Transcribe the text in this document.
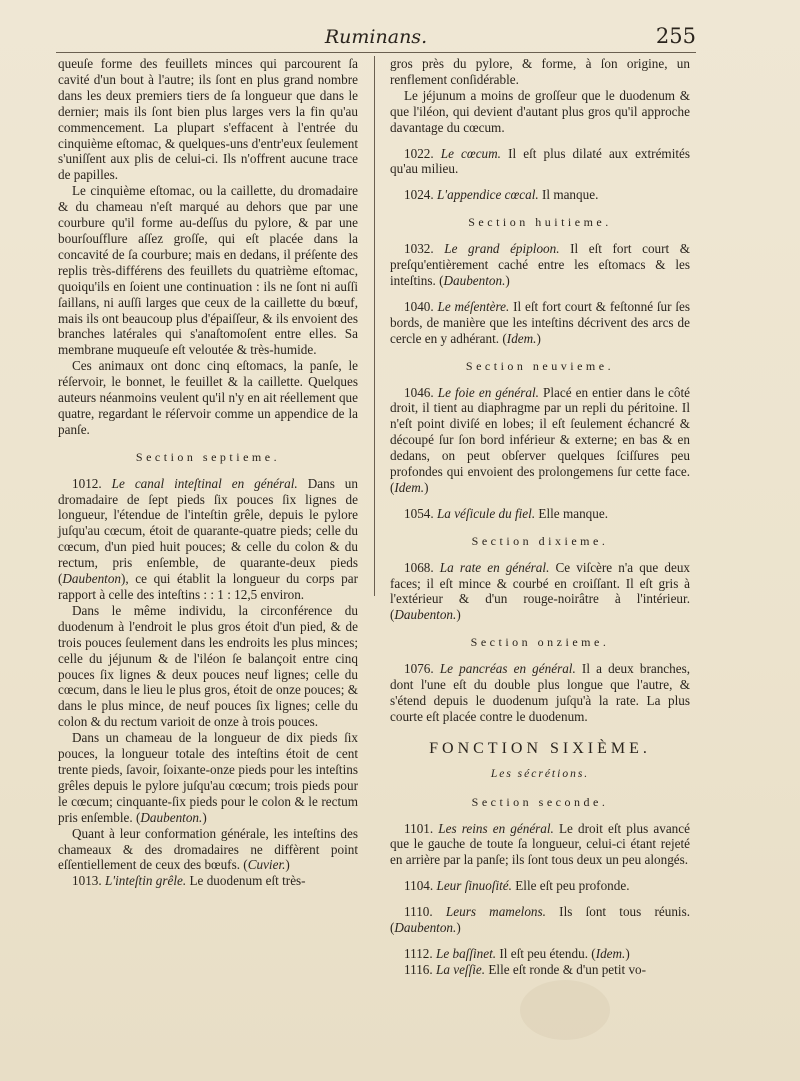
Ruminans.	255

queuſe forme des feuillets minces qui parcourent ſa cavité d'un bout à l'autre; ils ſont en plus grand nombre dans les deux premiers tiers de ſa longueur que dans le dernier; mais ils ſont bien plus larges vers la fin qu'au commencement. La plupart s'effacent à l'entrée du cinquième eſtomac, & quelques-uns d'entr'eux ſeulement s'uniſſent aux plis de celui-ci. Ils n'offrent aucune trace de papilles.

Le cinquième eſtomac, ou la caillette, du dromadaire & du chameau n'eſt marqué au dehors que par une courbure qu'il forme au-deſſus du pylore, & par une bourſouſflure aſſez groſſe, qui eſt placée dans la concavité de ſa courbure; mais en dedans, il préſente des replis très-différens des feuillets du quatrième eſtomac, quoiqu'ils en ſoient une continuation : ils ne ſont ni auſſi ſaillans, ni auſſi larges que ceux de la caillette du bœuf, mais ils ont beaucoup plus d'épaiſſeur, & ils envoient des branches latérales qui s'anaſtomoſent entre elles. Sa membrane muqueuſe eſt veloutée & très-humide.

Ces animaux ont donc cinq eſtomacs, la panſe, le réſervoir, le bonnet, le feuillet & la caillette. Quelques auteurs néanmoins veulent qu'il n'y en ait réellement que quatre, regardant le réſervoir comme un appendice de la panſe.

Section septieme.

1012. Le canal inteſtinal en général. Dans un dromadaire de ſept pieds ſix pouces ſix lignes de longueur, l'étendue de l'inteſtin grêle, depuis le pylore juſqu'au cœcum, étoit de quarante-quatre pieds; celle du cœcum, d'un pied huit pouces; & celle du colon & du rectum, pris enſemble, de quarante-deux pieds (Daubenton), ce qui établit la longueur du corps par rapport à celle des inteſtins : : 1 : 12,5 environ.

Dans le même individu, la circonférence du duodenum à l'endroit le plus gros étoit d'un pied, & de trois pouces ſeulement dans les endroits les plus minces; celle du jéjunum & de l'iléon ſe balançoit entre cinq pouces ſix lignes & deux pouces neuf lignes; celle du cœcum, dans le lieu le plus gros, étoit de onze pouces; & dans le plus mince, de neuf pouces ſix lignes; celle du colon & du rectum varioit de onze à trois pouces.

Dans un chameau de la longueur de dix pieds ſix pouces, la longueur totale des inteſtins étoit de cent trente pieds, ſavoir, ſoixante-onze pieds pour les inteſtins grêles depuis le pylore juſqu'au cœcum; trois pieds pour le cœcum; cinquante-ſix pieds pour le colon & le rectum pris enſemble. (Daubenton.)

Quant à leur conformation générale, les inteſtins des chameaux & des dromadaires ne diffèrent point eſſentiellement de ceux des bœufs. (Cuvier.)

1013. L'inteſtin grêle. Le duodenum eſt très-

gros près du pylore, & forme, à ſon origine, un renflement conſidérable.

Le jéjunum a moins de groſſeur que le duodenum & que l'iléon, qui devient d'autant plus gros qu'il approche davantage du cœcum.

1022. Le cœcum. Il eſt plus dilaté aux extrémités qu'au milieu.

1024. L'appendice cœcal. Il manque.

Section huitieme.

1032. Le grand épiploon. Il eſt fort court & preſqu'entièrement caché entre les eſtomacs & les inteſtins. (Daubenton.)

1040. Le méſentère. Il eſt fort court & feſtonné ſur ſes bords, de manière que les inteſtins décrivent des arcs de cercle en y adhérant. (Idem.)

Section neuvieme.

1046. Le foie en général. Placé en entier dans le côté droit, il tient au diaphragme par un repli du péritoine. Il n'eſt point diviſé en lobes; il eſt ſeulement échancré & découpé ſur ſon bord inférieur & externe; en bas & en dedans, on peut obſerver quelques ſciſſures peu profondes qui envoient des prolongemens ſur cette face. (Idem.)

1054. La véſicule du fiel. Elle manque.

Section dixieme.

1068. La rate en général. Ce viſcère n'a que deux faces; il eſt mince & courbé en croiſſant. Il eſt gris à l'extérieur & d'un rouge-noirâtre à l'intérieur. (Daubenton.)

Section onzieme.

1076. Le pancréas en général. Il a deux branches, dont l'une eſt du double plus longue que l'autre, & s'étend depuis le duodenum juſqu'à la rate. La plus courte eſt placée contre le duodenum.

FONCTION SIXIÈME.
Les sécrétions.
Section seconde.

1101. Les reins en général. Le droit eſt plus avancé que le gauche de toute ſa longueur, celui-ci étant rejeté en arrière par la panſe; ils ſont tous deux un peu alongés.

1104. Leur ſinuoſité. Elle eſt peu profonde.

1110. Leurs mamelons. Ils ſont tous réunis. (Daubenton.)

1112. Le baſſinet. Il eſt peu étendu. (Idem.)

1116. La veſſie. Elle eſt ronde & d'un petit vo-
